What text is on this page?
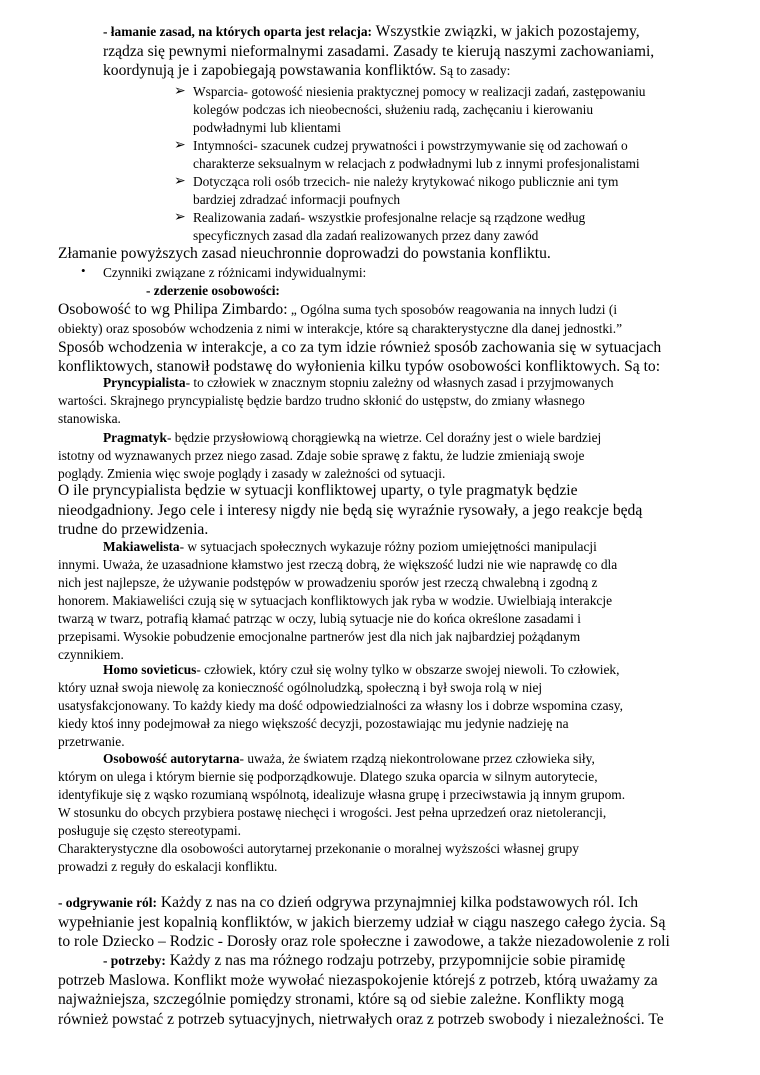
- łamanie zasad, na których oparta jest relacja: Wszystkie związki, w jakich pozostajemy,
rządza się pewnymi nieformalnymi zasadami. Zasady te kierują naszymi zachowaniami,
koordynują je i zapobiegają powstawania konfliktów. Są to zasady:
➢ Wsparcia- gotowość niesienia praktycznej pomocy w realizacji zadań, zastępowaniu
kolegów podczas ich nieobecności, służeniu radą, zachęcaniu i kierowaniu
podwładnymi lub klientami
➢ Intymności- szacunek cudzej prywatności i powstrzymywanie się od zachowań o
charakterze seksualnym w relacjach z podwładnymi lub z innymi profesjonalistami
➢ Dotycząca roli osób trzecich- nie należy krytykować nikogo publicznie ani tym
bardziej zdradzać informacji poufnych
➢ Realizowania zadań- wszystkie profesjonalne relacje są rządzone według
specyficznych zasad dla zadań realizowanych przez dany zawód
Złamanie powyższych zasad nieuchronnie doprowadzi do powstania konfliktu.
• Czynniki związane z różnicami indywidualnymi:
- zderzenie osobowości:
Osobowość to wg Philipa Zimbardo: „ Ogólna suma tych sposobów reagowania na innych ludzi (i
obiekty) oraz sposobów wchodzenia z nimi w interakcje, które są charakterystyczne dla danej jednostki.”
Sposób wchodzenia w interakcje, a co za tym idzie również sposób zachowania się w sytuacjach
konfliktowych, stanowił podstawę do wyłonienia kilku typów osobowości konfliktowych. Są to:
Pryncypialista- to człowiek w znacznym stopniu zależny od własnych zasad i przyjmowanych
wartości. Skrajnego pryncypialistę będzie bardzo trudno skłonić do ustępstw, do zmiany własnego
stanowiska.
Pragmatyk- będzie przysłowiową chorągiewką na wietrze. Cel doraźny jest o wiele bardziej
istotny od wyznawanych przez niego zasad. Zdaje sobie sprawę z faktu, że ludzie zmieniają swoje
poglądy. Zmienia więc swoje poglądy i zasady w zależności od sytuacji.
O ile pryncypialista będzie w sytuacji konfliktowej uparty, o tyle pragmatyk będzie
nieodgadniony. Jego cele i interesy nigdy nie będą się wyraźnie rysowały, a jego reakcje będą
trudne do przewidzenia.
Makiawelista- w sytuacjach społecznych wykazuje różny poziom umiejętności manipulacji
innymi. Uważa, że uzasadnione kłamstwo jest rzeczą dobrą, że większość ludzi nie wie naprawdę co dla
nich jest najlepsze, że używanie podstępów w prowadzeniu sporów jest rzeczą chwalebną i zgodną z
honorem. Makiaweliści czują się w sytuacjach konfliktowych jak ryba w wodzie. Uwielbiają interakcje
twarzą w twarz, potrafią kłamać patrząc w oczy, lubią sytuacje nie do końca określone zasadami i
przepisami. Wysokie pobudzenie emocjonalne partnerów jest dla nich jak najbardziej pożądanym
czynnikiem.
Homo sovieticus- człowiek, który czuł się wolny tylko w obszarze swojej niewoli. To człowiek,
który uznał swoja niewolę za konieczność ogólnoludzką, społeczną i był swoja rolą w niej
usatysfakcjonowany. To każdy kiedy ma dość odpowiedzialności za własny los i dobrze wspomina czasy,
kiedy ktoś inny podejmował za niego większość decyzji, pozostawiając mu jedynie nadzieję na
przetrwanie.
Osobowość autorytarna- uważa, że światem rządzą niekontrolowane przez człowieka siły,
którym on ulega i którym biernie się podporządkowuje. Dlatego szuka oparcia w silnym autorytecie,
identyfikuje się z wąsko rozumianą wspólnotą, idealizuje własna grupę i przeciwstawia ją innym grupom.
W stosunku do obcych przybiera postawę niechęci i wrogości. Jest pełna uprzedzeń oraz nietolerancji,
posługuje się często stereotypami.
Charakterystyczne dla osobowości autorytarnej przekonanie o moralnej wyższości własnej grupy
prowadzi z reguły do eskalacji konfliktu.
- odgrywanie ról: Każdy z nas na co dzień odgrywa przynajmniej kilka podstawowych ról. Ich
wypełnianie jest kopalnią konfliktów, w jakich bierzemy udział w ciągu naszego całego życia. Są
to role Dziecko – Rodzic - Dorosły oraz role społeczne i zawodowe, a także niezadowolenie z roli
- potrzeby: Każdy z nas ma różnego rodzaju potrzeby, przypomnijcie sobie piramidę
potrzeb Maslowa. Konflikt może wywołać niezaspokojenie którejś z potrzeb, którą uważamy za
najważniejsza, szczególnie pomiędzy stronami, które są od siebie zależne. Konflikty mogą
również powstać z potrzeb sytuacyjnych, nietrwałych oraz z potrzeb swobody i niezależności. Te
